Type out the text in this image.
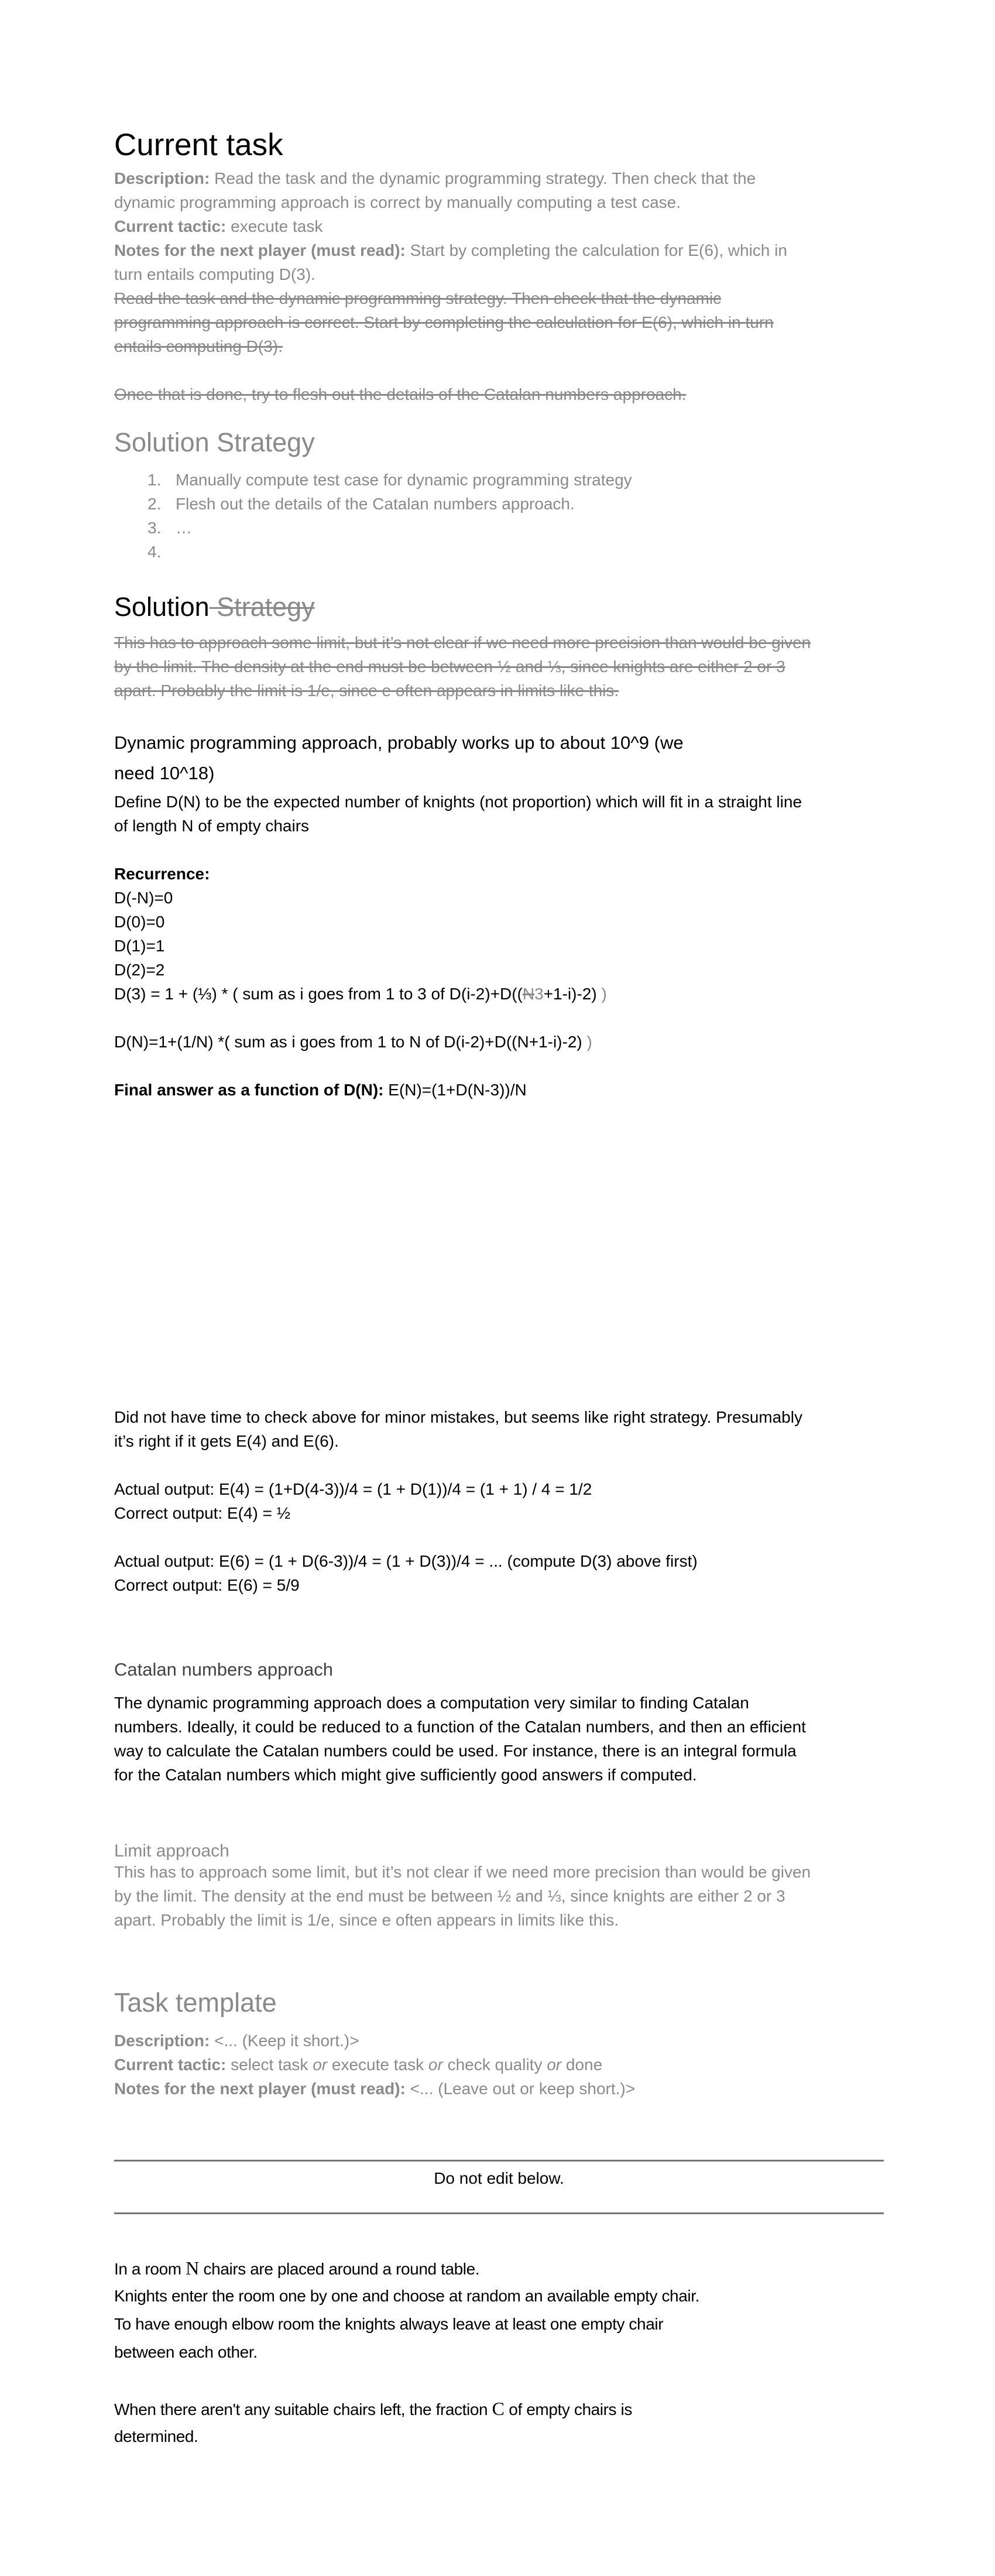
Current task
Description: Read the task and the dynamic programming strategy. Then check that the
dynamic programming approach is correct by manually computing a test case.
Current tactic: execute task
Notes for the next player (must read): Start by completing the calculation for E(6), which in
turn entails computing D(3).
Read the task and the dynamic programming strategy. Then check that the dynamic
programming approach is correct. Start by completing the calculation for E(6), which in turn
entails computing D(3).
Once that is done, try to flesh out the details of the Catalan numbers approach.
Solution Strategy
1. Manually compute test case for dynamic programming strategy
2. Flesh out the details of the Catalan numbers approach.
3. …
4.
Solution Strategy
This has to approach some limit, but it’s not clear if we need more precision than would be given
by the limit. The density at the end must be between ½ and ⅓, since knights are either 2 or 3
apart. Probably the limit is 1/e, since e often appears in limits like this.
Dynamic programming approach, probably works up to about 10^9 (we
need 10^18)
Define D(N) to be the expected number of knights (not proportion) which will fit in a straight line
of length N of empty chairs
Recurrence:
D(-N)=0
D(0)=0
D(1)=1
D(2)=2
D(3) = 1 + (⅓) * ( sum as i goes from 1 to 3 of D(i-2)+D((N3+1-i)-2) )
D(N)=1+(1/N) *( sum as i goes from 1 to N of D(i-2)+D((N+1-i)-2) )
Final answer as a function of D(N): E(N)=(1+D(N-3))/N
Did not have time to check above for minor mistakes, but seems like right strategy. Presumably
it’s right if it gets E(4) and E(6).
Actual output: E(4) = (1+D(4-3))/4 = (1 + D(1))/4 = (1 + 1) / 4 = 1/2
Correct output: E(4) = ½
Actual output: E(6) = (1 + D(6-3))/4 = (1 + D(3))/4 = ... (compute D(3) above first)
Correct output: E(6) = 5/9
Catalan numbers approach
The dynamic programming approach does a computation very similar to finding Catalan
numbers. Ideally, it could be reduced to a function of the Catalan numbers, and then an efficient
way to calculate the Catalan numbers could be used. For instance, there is an integral formula
for the Catalan numbers which might give sufficiently good answers if computed.
Limit approach
This has to approach some limit, but it’s not clear if we need more precision than would be given
by the limit. The density at the end must be between ½ and ⅓, since knights are either 2 or 3
apart. Probably the limit is 1/e, since e often appears in limits like this.
Task template
Description: <... (Keep it short.)>
Current tactic: select task or execute task or check quality or done
Notes for the next player (must read): <... (Leave out or keep short.)>
Do not edit below.
In a room N chairs are placed around a round table.
Knights enter the room one by one and choose at random an available empty chair.
To have enough elbow room the knights always leave at least one empty chair
between each other.
When there aren't any suitable chairs left, the fraction C of empty chairs is
determined.
